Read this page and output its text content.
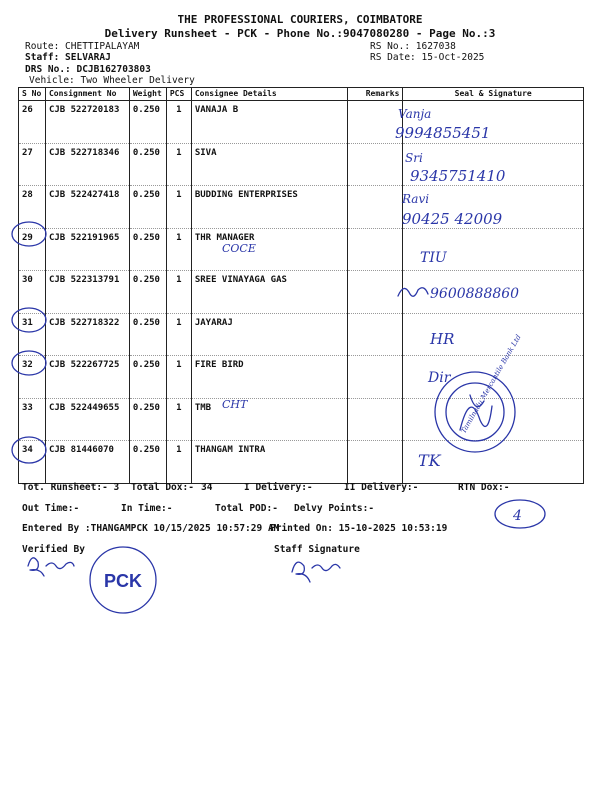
THE PROFESSIONAL COURIERS, COIMBATORE
Delivery Runsheet - PCK - Phone No.:9047080280 - Page No.:3
Route: CHETTIPALAYAM
Staff: SELVARAJ
DRS No.: DCJB162703803
Vehicle: Two Wheeler Delivery
RS No.: 1627038
RS Date: 15-Oct-2025
S No	Consignment No	Weight	PCS	Consignee Details	Remarks	Seal & Signature
26	CJB 522720183	0.250	1	VANAJA B		
27	CJB 522718346	0.250	1	SIVA		
28	CJB 522427418	0.250	1	BUDDING ENTERPRISES		
29	CJB 522191965	0.250	1	THR MANAGER		
30	CJB 522313791	0.250	1	SREE VINAYAGA GAS		
31	CJB 522718322	0.250	1	JAYARAJ		
32	CJB 522267725	0.250	1	FIRE BIRD		
33	CJB 522449655	0.250	1	TMB		
34	CJB 81446070	0.250	1	THANGAM INTRA		
Tot. Runsheet:- 3 Total Dox:- 34	I Delivery:-	II Delivery:-	RTN Dox:-
Out Time:-	In Time:-	Total POD:- Delvy Points:-
Entered By :THANGAMPCK 10/15/2025 10:57:29 AM
Printed On: 15-10-2025 10:53:19
Verified By	Staff Signature
Vanja
9994855451
Sri
9345751410
Ravi
90425 42009
COCE
TIU
9600888860
HR
Dir
CHT	Tamilnadu Mercantile Bank Ltd
TK
4
PCK
